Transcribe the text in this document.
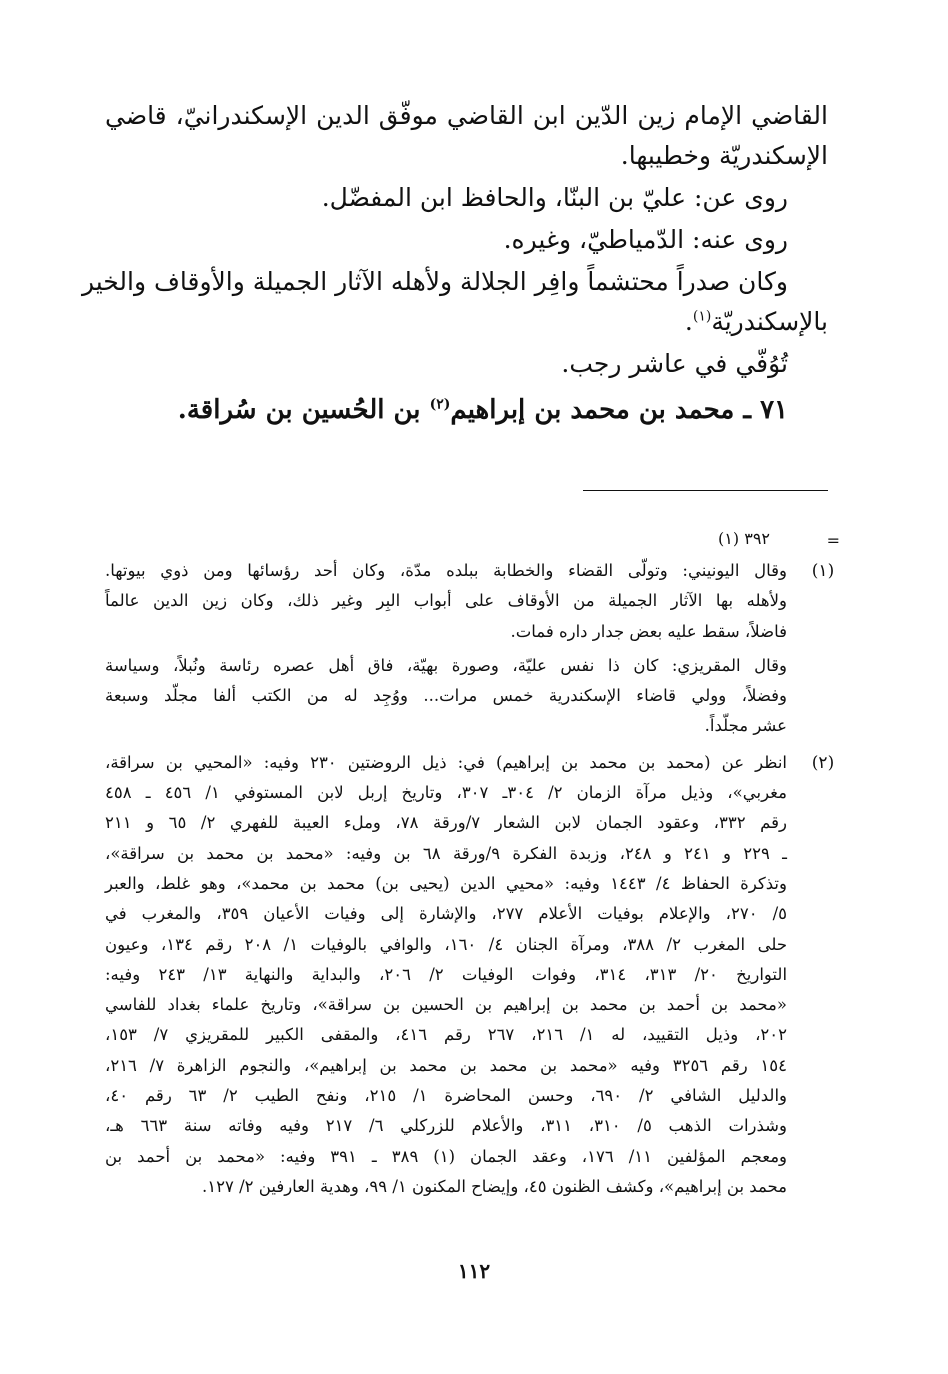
القاضي الإمام زين الدّين ابن القاضي موفّق الدين الإسكندرانيّ، قاضي
الإسكندريّة وخطيبها.
روى عن: عليّ بن البنّا، والحافظ ابن المفضّل.
روى عنه: الدّمياطيّ، وغيره.
وكان صدراً محتشماً وافِر الجلالة ولأهله الآثار الجميلة والأوقاف والخير
بالإسكندريّة$^{(١)}$.
تُوُفّي في عاشر رجب.
٧١ ـ محمد بن محمد بن إبراهيم$^{(٢)}$ بن الحُسين بن سُراقة.
=
٣٩٢ (١)
(١)
وقال اليونيني: وتولّى القضاء والخطابة ببلده مدّة، وكان أحد رؤسائها ومن ذوي بيوتها.
ولأهله بها الآثار الجميلة من الأوقاف على أبواب البِر وغير ذلك، وكان زين الدين عالماً
فاضلاً، سقط عليه بعض جدار داره فمات.
وقال المقريزي: كان ذا نفس عليّة، وصورة بهيّة، فاق أهل عصره رئاسة ونُبلاً، وسياسة
وفضلاً، وولي قاضاء الإسكندرية خمس مرات... ووُجِد له من الكتب ألفا مجلّد وسبعة
عشر مجلّداً.
(٢)
انظر عن (محمد بن محمد بن إبراهيم) في: ذيل الروضتين ٢٣٠ وفيه: «المحيي بن سراقة،
مغربي»، وذيل مرآة الزمان ٢/ ٣٠٤ـ ٣٠٧، وتاريخ إربل لابن المستوفي ١/ ٤٥٦ ـ ٤٥٨
رقم ٣٣٢، وعقود الجمان لابن الشعار ٧/ورقة ٧٨، وملء العيبة للفهري ٢/ ٦٥ و ٢١١
ـ ٢٢٩ و ٢٤١ و ٢٤٨، وزبدة الفكرة ٩/ورقة ٦٨ بن وفيه: «محمد بن محمد بن سراقة»،
وتذكرة الحفاظ ٤/ ١٤٤٣ وفيه: «محيي الدين (يحيى بن) محمد بن محمد»، وهو غلط، والعبر
٥/ ٢٧٠، والإعلام بوفيات الأعلام ٢٧٧، والإشارة إلى وفيات الأعيان ٣٥٩، والمغرب في
حلى المغرب ٢/ ٣٨٨، ومرآة الجنان ٤/ ١٦٠، والوافي بالوفيات ١/ ٢٠٨ رقم ١٣٤، وعيون
التواريخ ٢٠/ ٣١٣، ٣١٤، وفوات الوفيات ٢/ ٢٠٦، والبداية والنهاية ١٣/ ٢٤٣ وفيه:
«محمد بن أحمد بن محمد بن إبراهيم بن الحسين بن سراقة»، وتاريخ علماء بغداد للفاسي
٢٠٢، وذيل التقييد، له ١/ ٢١٦، ٢٦٧ رقم ٤١٦، والمقفى الكبير للمقريزي ٧/ ١٥٣،
١٥٤ رقم ٣٢٥٦ وفيه «محمد بن محمد بن محمد بن إبراهيم»، والنجوم الزاهرة ٧/ ٢١٦،
والدليل الشافي ٢/ ٦٩٠، وحسن المحاضرة ١/ ٢١٥، ونفح الطيب ٢/ ٦٣ رقم ٤٠،
وشذرات الذهب ٥/ ٣١٠، ٣١١، والأعلام للزركلي ٦/ ٢١٧ وفيه وفاته سنة ٦٦٣ هـ،
ومعجم المؤلفين ١١/ ١٧٦، وعقد الجمان (١) ٣٨٩ ـ ٣٩١ وفيه: «محمد بن أحمد بن
محمد بن إبراهيم»، وكشف الظنون ٤٥، وإيضاح المكنون ١/ ٩٩، وهدية العارفين ٢/ ١٢٧.
١١٢
